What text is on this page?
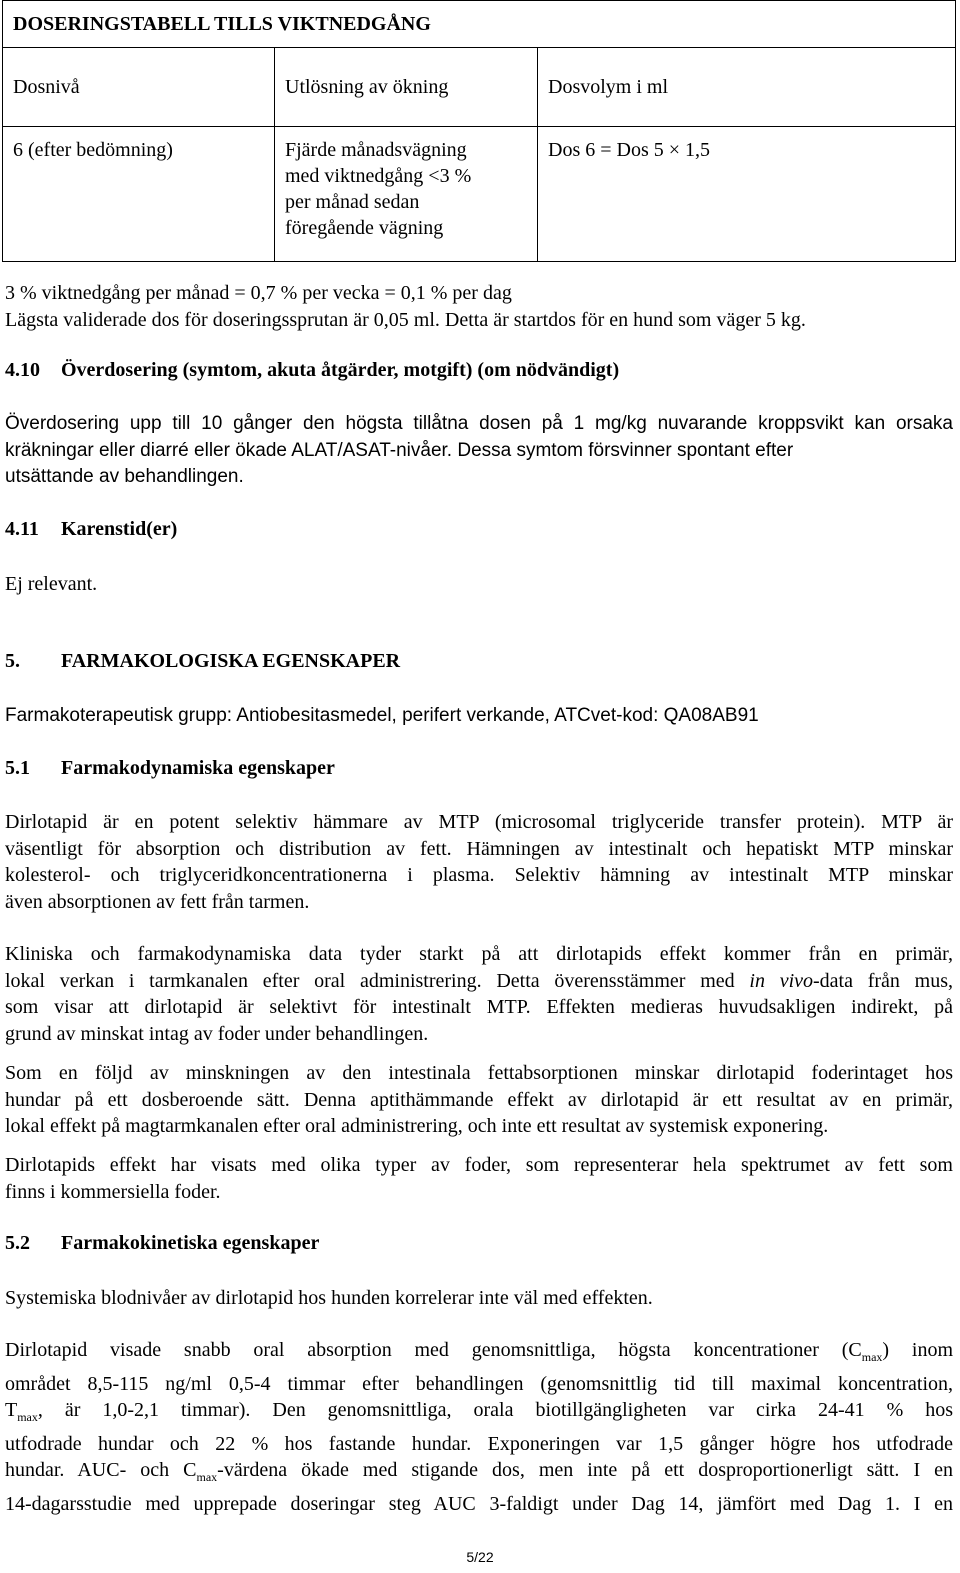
DOSERINGSTABELL TILLS VIKTNEDGÅNG		
Dosnivå	Utlösning av ökning	Dosvolym i ml
6 (efter bedömning)	Fjärde månadsvägning
med viktnedgång <3 %
per månad sedan
föregående vägning	Dos 6 = Dos 5 × 1,5
3 % viktnedgång per månad = 0,7 % per vecka = 0,1 % per dag
Lägsta validerade dos för doseringssprutan är 0,05 ml. Detta är startdos för en hund som väger 5 kg.
4.10 Överdosering (symtom, akuta åtgärder, motgift) (om nödvändigt)
Överdosering upp till 10 gånger den högsta tillåtna dosen på 1 mg/kg nuvarande kroppsvikt kan orsaka
kräkningar eller diarré eller ökade ALAT/ASAT-nivåer. Dessa symtom försvinner spontant efter
utsättande av behandlingen.
4.11 Karenstid(er)
Ej relevant.
5. FARMAKOLOGISKA EGENSKAPER
Farmakoterapeutisk grupp: Antiobesitasmedel, perifert verkande, ATCvet-kod: QA08AB91
5.1 Farmakodynamiska egenskaper
Dirlotapid är en potent selektiv hämmare av MTP (microsomal triglyceride transfer protein). MTP är
väsentligt för absorption och distribution av fett. Hämningen av intestinalt och hepatiskt MTP minskar
kolesterol- och triglyceridkoncentrationerna i plasma. Selektiv hämning av intestinalt MTP minskar
även absorptionen av fett från tarmen.
Kliniska och farmakodynamiska data tyder starkt på att dirlotapids effekt kommer från en primär,
lokal verkan i tarmkanalen efter oral administrering. Detta överensstämmer med in vivo-data från mus,
som visar att dirlotapid är selektivt för intestinalt MTP. Effekten medieras huvudsakligen indirekt, på
grund av minskat intag av foder under behandlingen.
Som en följd av minskningen av den intestinala fettabsorptionen minskar dirlotapid foderintaget hos
hundar på ett dosberoende sätt. Denna aptithämmande effekt av dirlotapid är ett resultat av en primär,
lokal effekt på magtarmkanalen efter oral administrering, och inte ett resultat av systemisk exponering.
Dirlotapids effekt har visats med olika typer av foder, som representerar hela spektrumet av fett som
finns i kommersiella foder.
5.2 Farmakokinetiska egenskaper
Systemiska blodnivåer av dirlotapid hos hunden korrelerar inte väl med effekten.
Dirlotapid visade snabb oral absorption med genomsnittliga, högsta koncentrationer $(C_{max})$ inom
området 8,5-115 ng/ml 0,5-4 timmar efter behandlingen (genomsnittlig tid till maximal koncentration,
$T_{max}$, är 1,0-2,1 timmar). Den genomsnittliga, orala biotillgängligheten var cirka 24-41 % hos
utfodrade hundar och 22 % hos fastande hundar. Exponeringen var 1,5 gånger högre hos utfodrade
hundar. AUC- och $C_{max}$-värdena ökade med stigande dos, men inte på ett dosproportionerligt sätt. I en
14-dagarsstudie med upprepade doseringar steg AUC 3-faldigt under Dag 14, jämfört med Dag 1. I en
5/22
